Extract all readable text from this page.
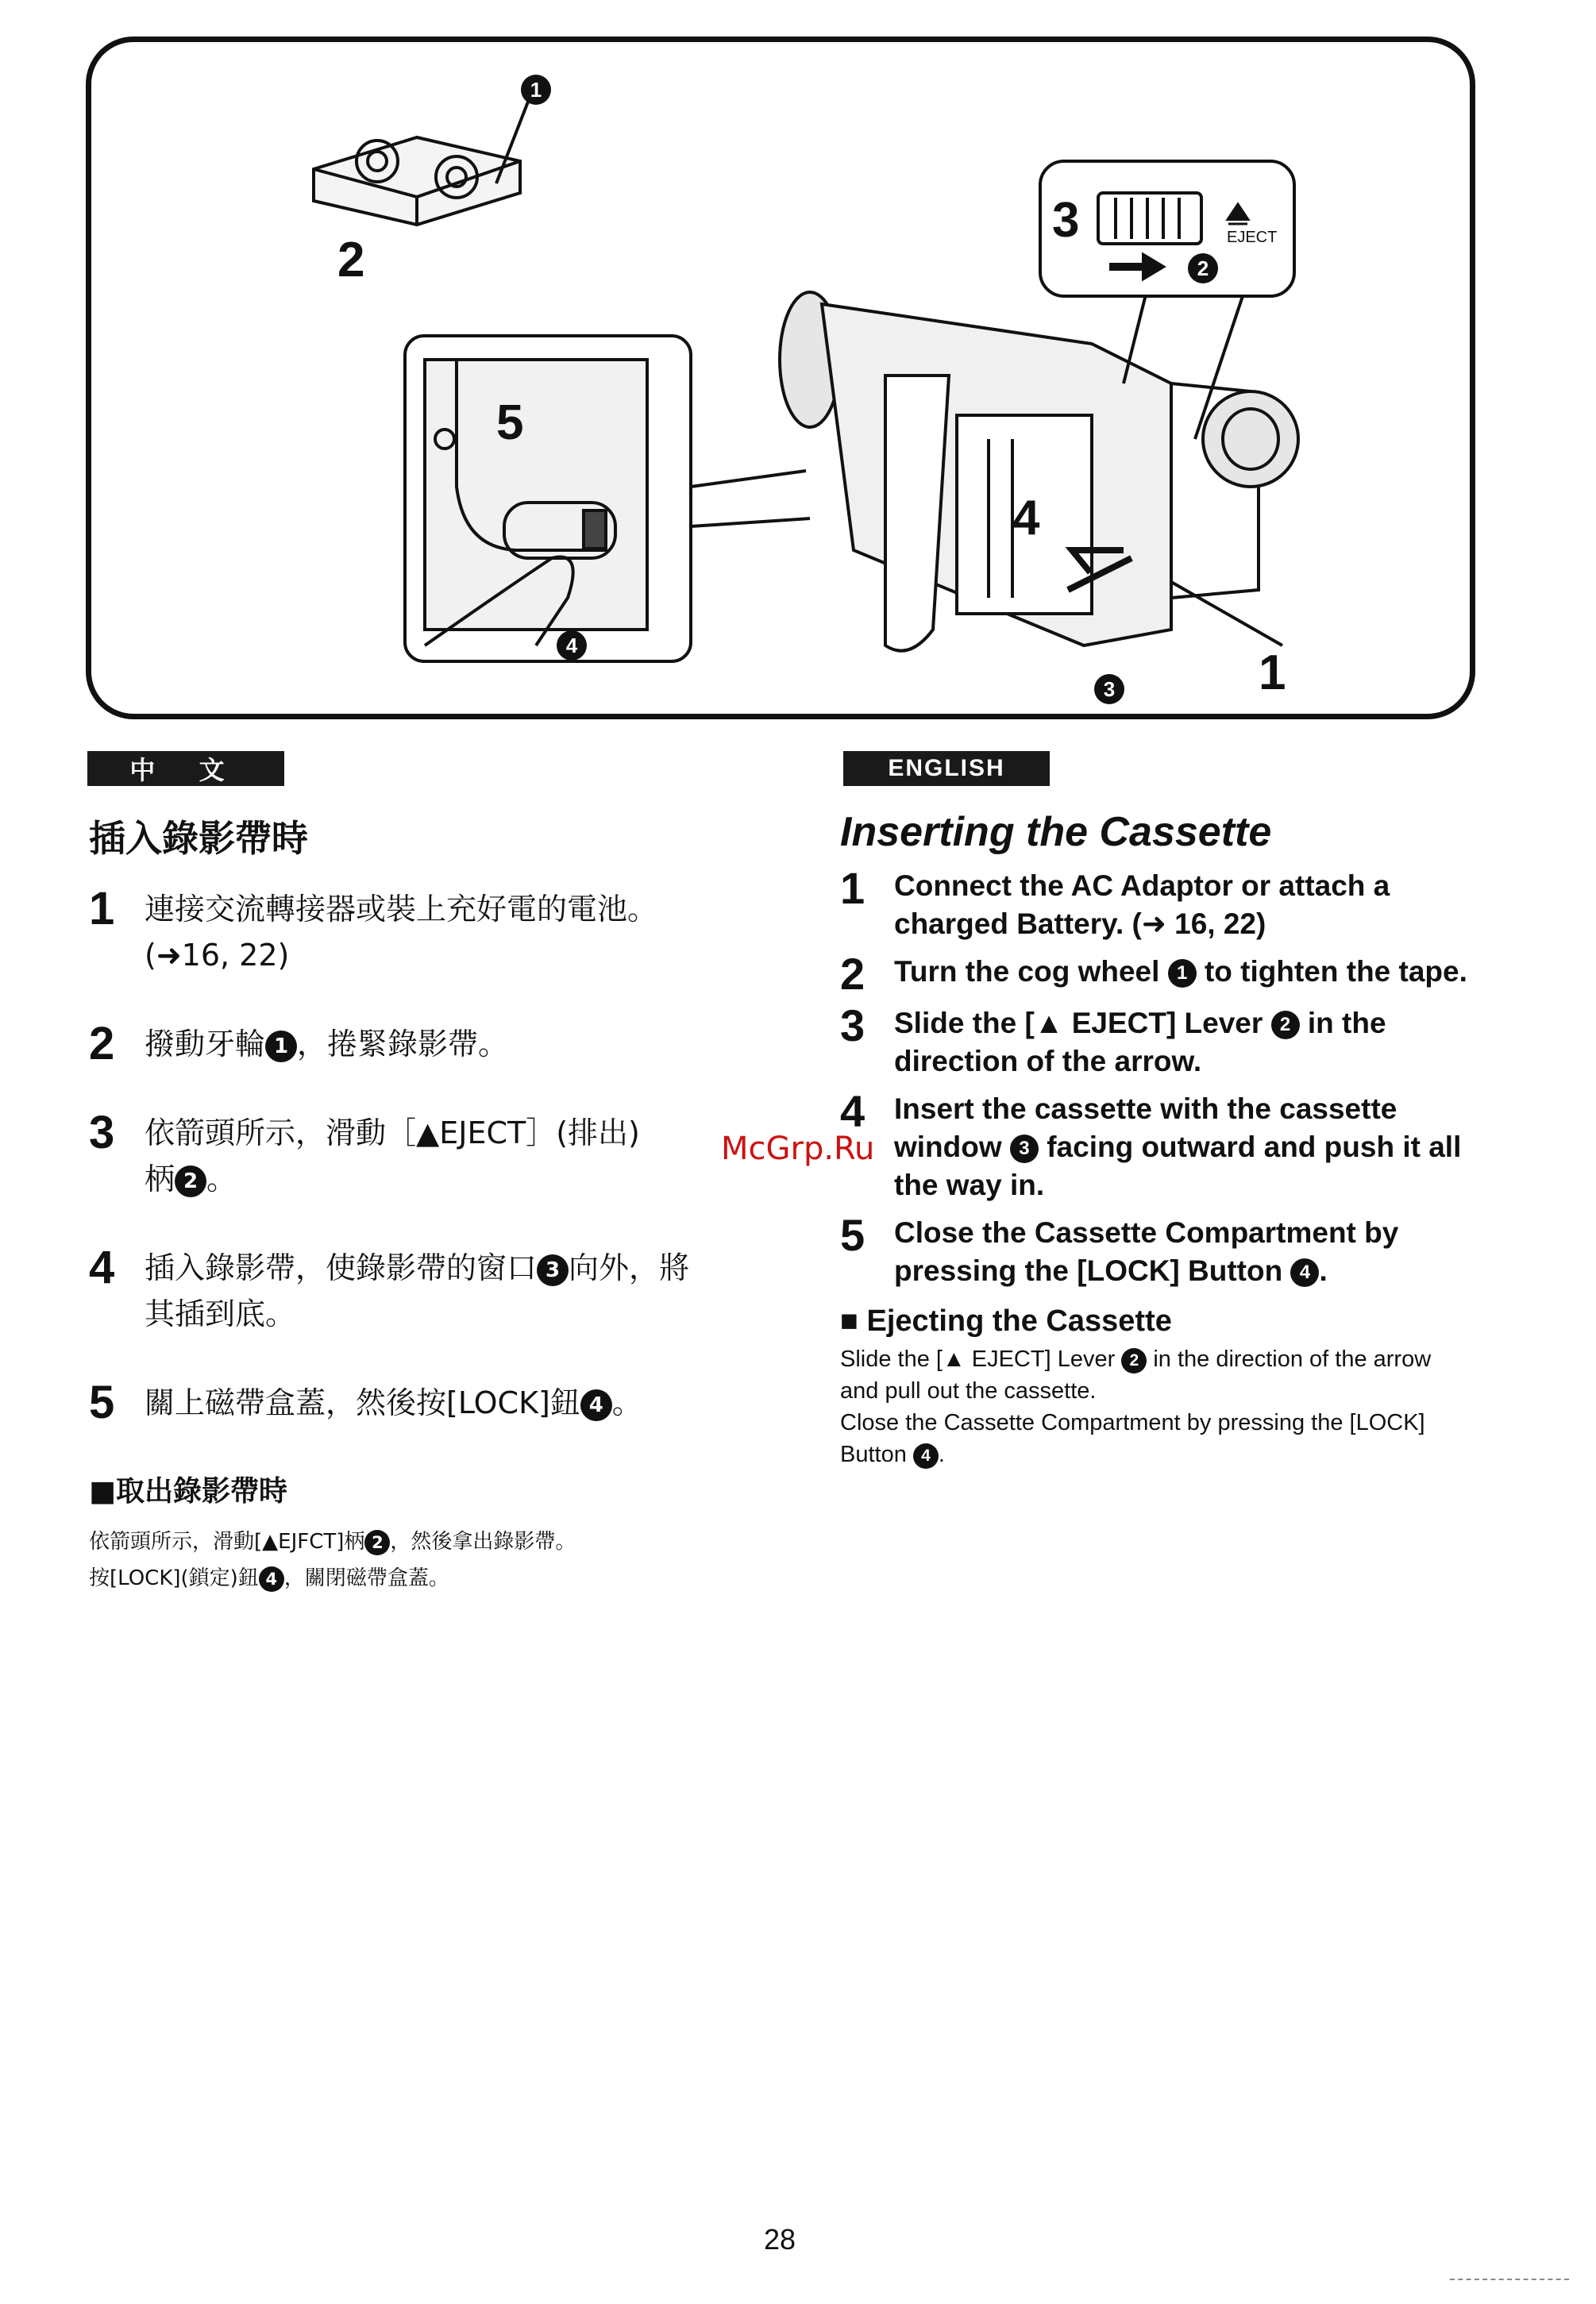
EJECT
3
2
5
4
1
1
2
3
4
中 文	ENGLISH
插入錄影帶時
1 連接交流轉接器或裝上充好電的電池。
(➜16, 22)
2 撥動牙輪 1 ，捲緊錄影帶。
3 依箭頭所示，滑動［▲EJECT］(排出)
柄 2 。
4 插入錄影帶，使錄影帶的窗口 3 向外，將
其插到底。
5 關上磁帶盒蓋，然後按[LOCK]鈕 4 。
■取出錄影帶時
依箭頭所示，滑動[▲EJFCT]柄 2 ，然後拿出錄影帶。
按[LOCK](鎖定)鈕 4 ，關閉磁帶盒蓋。
Inserting the Cassette
1 Connect the AC Adaptor or attach a charged Battery. (➜ 16, 22)
2 Turn the cog wheel 1 to tighten the tape.
3 Slide the [▲ EJECT] Lever 2 in the direction of the arrow.
4 Insert the cassette with the cassette window 3 facing outward and push it all the way in.
5 Close the Cassette Compartment by pressing the [LOCK] Button 4 .
■ Ejecting the Cassette
Slide the [▲ EJECT] Lever 2 in the direction of the arrow and pull out the cassette.
Close the Cassette Compartment by pressing the [LOCK] Button 4 .
McGrp.Ru
28
